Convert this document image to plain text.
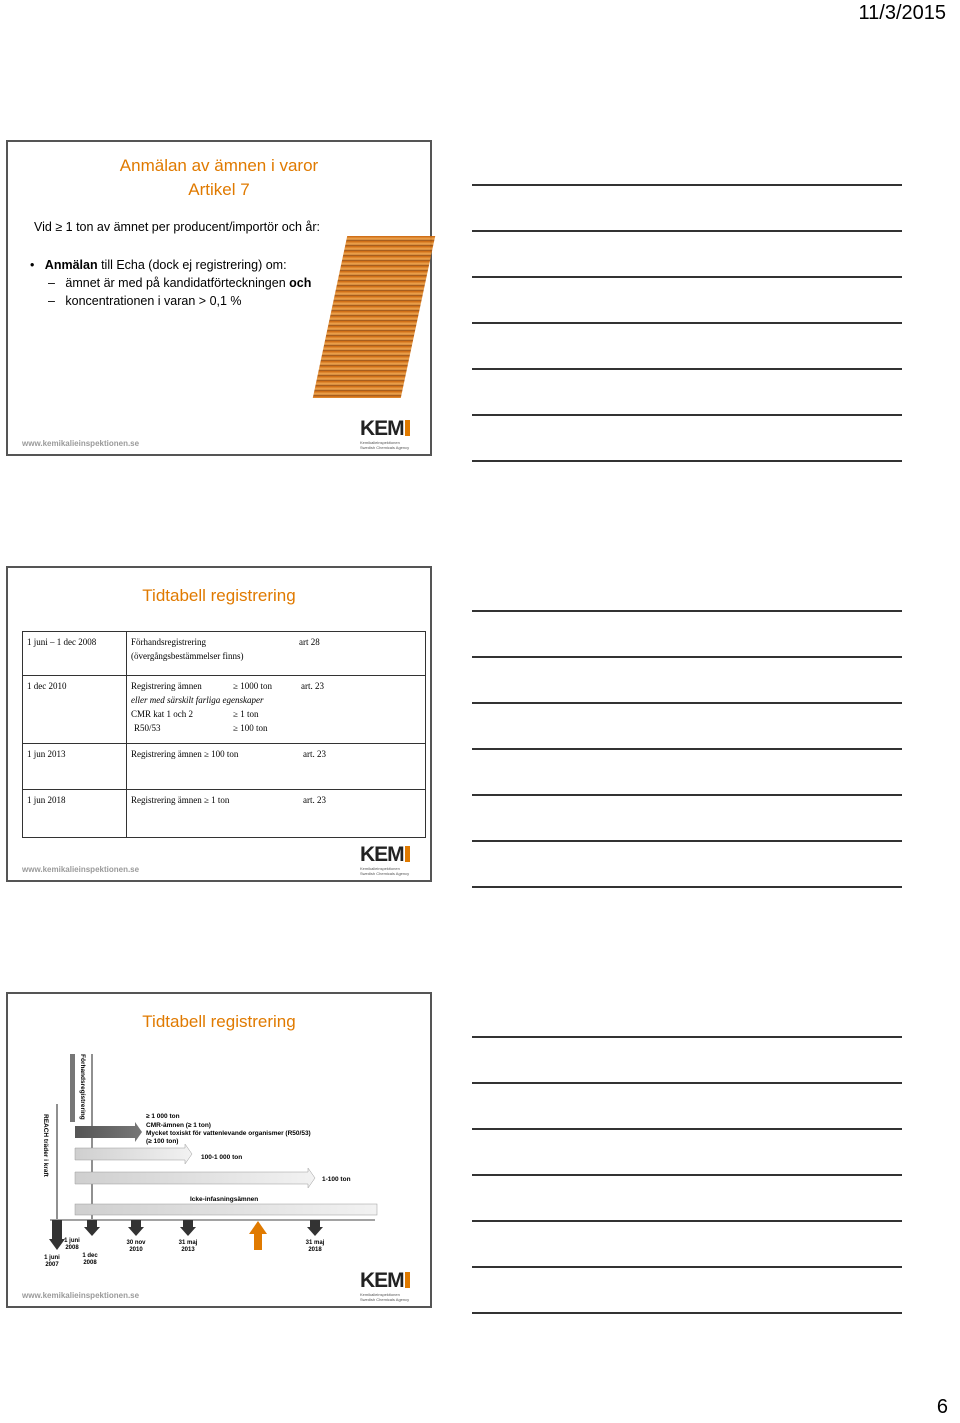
11/3/2015
Anmälan av ämnen i varor
Artikel 7
Vid ≥ 1 ton av ämnet per producent/importör och år:
•   Anmälan till Echa (dock ej registrering) om:
–   ämnet är med på kandidatförteckningen och
–   koncentrationen i varan > 0,1 %
www.kemikalieinspektionen.se
KEM
Kemikalieinspektionen
Swedish Chemicals Agency
Tidtabell registrering
1 juni – 1 dec 2008	Förhandsregistrering art 28
(övergångsbestämmelser finns)

1 dec 2010	Registrering ämnen ≥ 1000 ton art. 23
eller med särskilt farliga egenskaper
CMR kat 1 och 2 ≥ 1 ton
R50/53 ≥ 100 ton

1 jun 2013	Registrering ämnen ≥ 100 ton art. 23
1 jun 2018	Registrering ämnen ≥ 1 ton art. 23
www.kemikalieinspektionen.se
KEM
Kemikalieinspektionen
Swedish Chemicals Agency
Tidtabell registrering
REACH träder i kraft
Förhandsregistrering	≥ 1 000 ton
CMR-ämnen (≥ 1 ton)
Mycket toxiskt för vattenlevande organismer (R50/53)
(≥ 100 ton)
100-1 000 ton
1-100 ton
Icke-infasningsämnen
1 juni
2007
1 juni
2008
1 dec
2008
30 nov
2010
31 maj
2013
31 maj
2018
www.kemikalieinspektionen.se
KEM
Kemikalieinspektionen
Swedish Chemicals Agency
6
